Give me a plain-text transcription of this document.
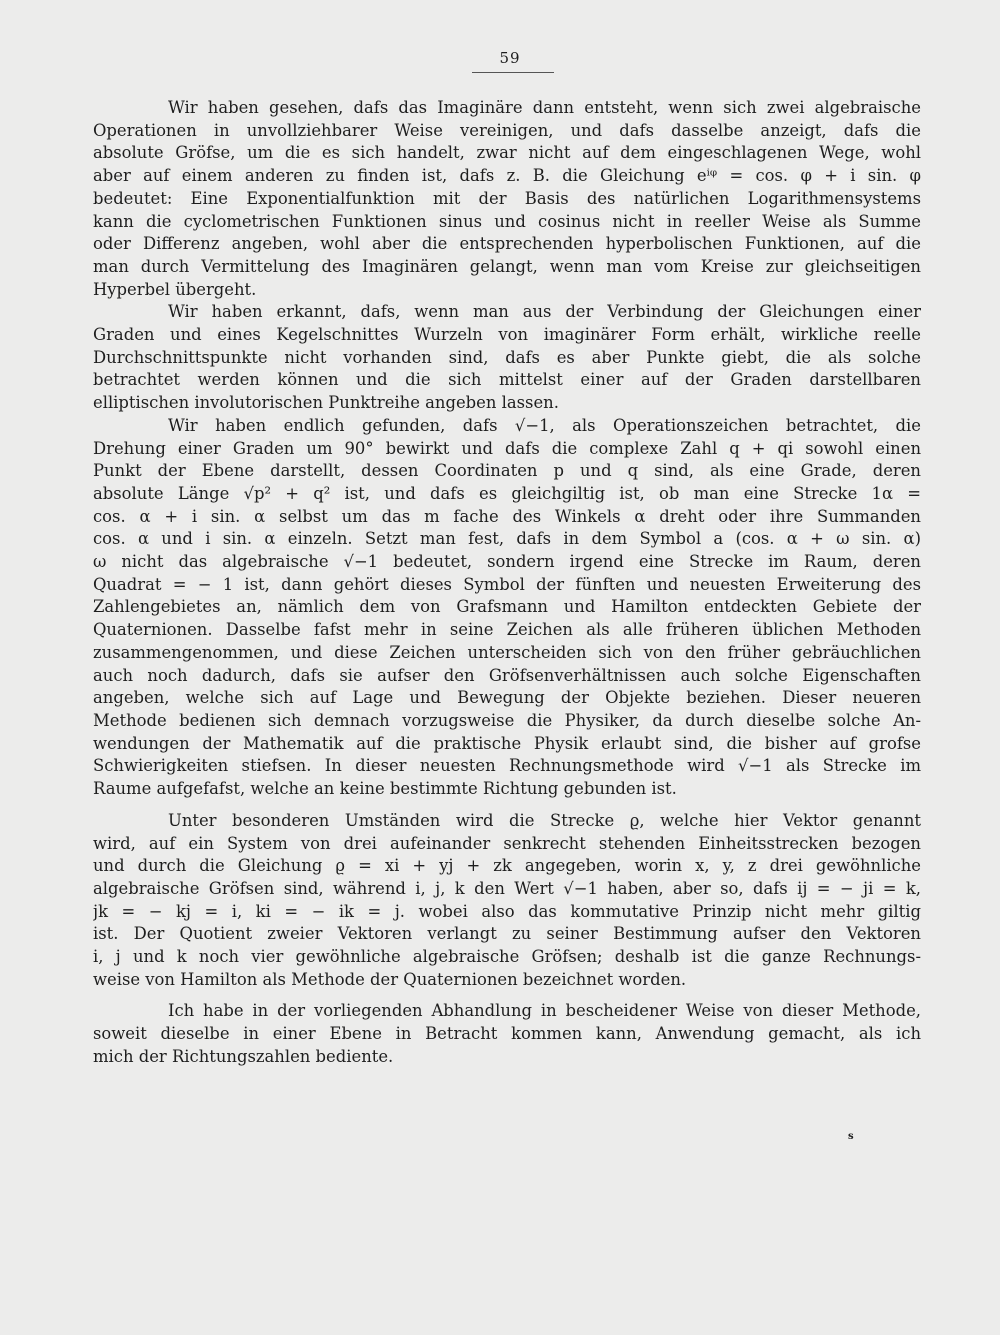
59
Wir haben gesehen, dafs das Imaginäre dann entsteht, wenn sich zwei algebraische
Operationen in unvollziehbarer Weise vereinigen, und dafs dasselbe anzeigt, dafs die
absolute Gröfse, um die es sich handelt, zwar nicht auf dem eingeschlagenen Wege, wohl
aber auf einem anderen zu finden ist, dafs z. B. die Gleichung eⁱᵠ = cos. φ + i sin. φ
bedeutet: Eine Exponentialfunktion mit der Basis des natürlichen Logarithmensystems
kann die cyclometrischen Funktionen sinus und cosinus nicht in reeller Weise als Summe
oder Differenz angeben, wohl aber die entsprechenden hyperbolischen Funktionen, auf die
man durch Vermittelung des Imaginären gelangt, wenn man vom Kreise zur gleichseitigen
Hyperbel übergeht.
Wir haben erkannt, dafs, wenn man aus der Verbindung der Gleichungen einer
Graden und eines Kegelschnittes Wurzeln von imaginärer Form erhält, wirkliche reelle
Durchschnittspunkte nicht vorhanden sind, dafs es aber Punkte giebt, die als solche
betrachtet werden können und die sich mittelst einer auf der Graden darstellbaren
elliptischen involutorischen Punktreihe angeben lassen.
Wir haben endlich gefunden, dafs √−1, als Operationszeichen betrachtet, die
Drehung einer Graden um 90° bewirkt und dafs die complexe Zahl q + qi sowohl einen
Punkt der Ebene darstellt, dessen Coordinaten p und q sind, als eine Grade, deren
absolute Länge √p² + q² ist, und dafs es gleichgiltig ist, ob man eine Strecke 1α =
cos. α + i sin. α selbst um das m fache des Winkels α dreht oder ihre Summanden
cos. α und i sin. α einzeln. Setzt man fest, dafs in dem Symbol a (cos. α + ω sin. α)
ω nicht das algebraische √−1 bedeutet, sondern irgend eine Strecke im Raum, deren
Quadrat = − 1 ist, dann gehört dieses Symbol der fünften und neuesten Erweiterung des
Zahlengebietes an, nämlich dem von Grafsmann und Hamilton entdeckten Gebiete der
Quaternionen. Dasselbe fafst mehr in seine Zeichen als alle früheren üblichen Methoden
zusammengenommen, und diese Zeichen unterscheiden sich von den früher gebräuchlichen
auch noch dadurch, dafs sie aufser den Gröfsenverhältnissen auch solche Eigenschaften
angeben, welche sich auf Lage und Bewegung der Objekte beziehen. Dieser neueren
Methode bedienen sich demnach vorzugsweise die Physiker, da durch dieselbe solche An-
wendungen der Mathematik auf die praktische Physik erlaubt sind, die bisher auf grofse
Schwierigkeiten stiefsen. In dieser neuesten Rechnungsmethode wird √−1 als Strecke im
Raume aufgefafst, welche an keine bestimmte Richtung gebunden ist.
Unter besonderen Umständen wird die Strecke ϱ, welche hier Vektor genannt
wird, auf ein System von drei aufeinander senkrecht stehenden Einheitsstrecken bezogen
und durch die Gleichung ϱ = xi + yj + zk angegeben, worin x, y, z drei gewöhnliche
algebraische Gröfsen sind, während i, j, k den Wert √−1 haben, aber so, dafs ij = − ji = k,
jk = − kj = i, ki = − ik = j. wobei also das kommutative Prinzip nicht mehr giltig
ist. Der Quotient zweier Vektoren verlangt zu seiner Bestimmung aufser den Vektoren
i, j und k noch vier gewöhnliche algebraische Gröfsen; deshalb ist die ganze Rechnungs-
weise von Hamilton als Methode der Quaternionen bezeichnet worden.
Ich habe in der vorliegenden Abhandlung in bescheidener Weise von dieser Methode,
soweit dieselbe in einer Ebene in Betracht kommen kann, Anwendung gemacht, als ich
mich der Richtungszahlen bediente.
s
